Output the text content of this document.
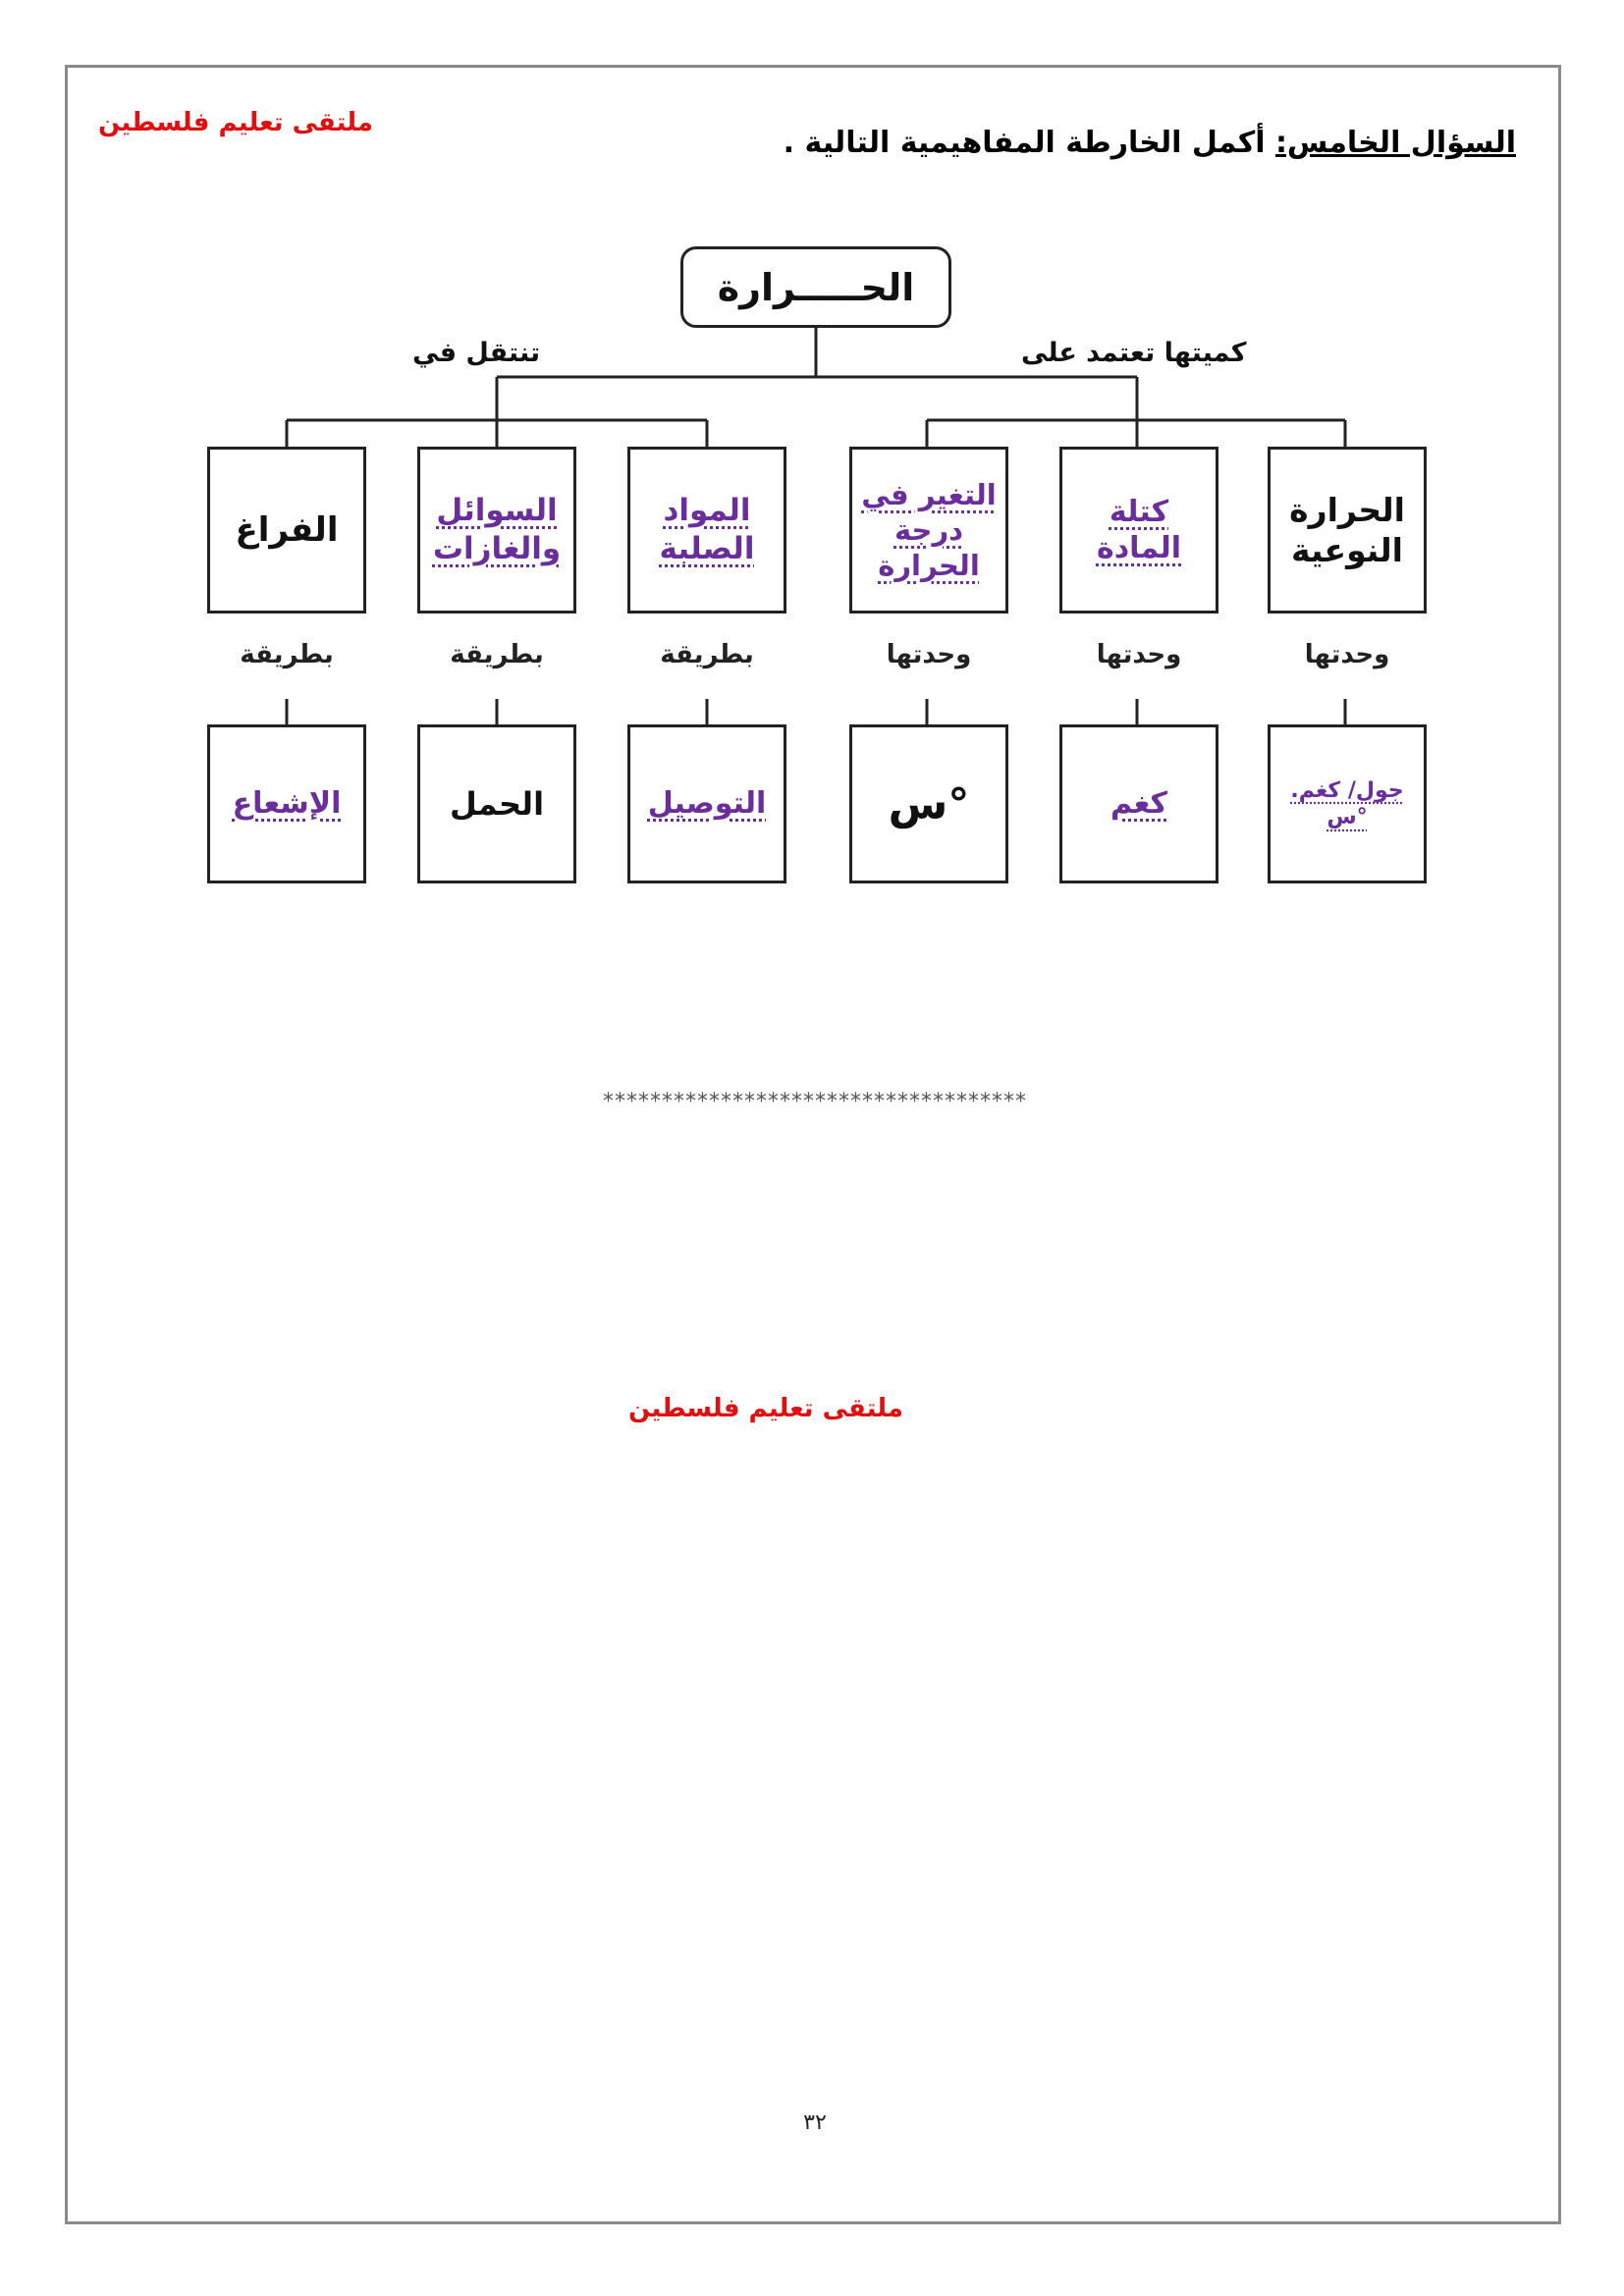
ملتقى تعليم فلسطين
السؤال الخامس: أكمل الخارطة المفاهيمية التالية .
الحـــــرارة
تنتقل في	كميتها تعتمد على
الفراغ	السوائل والغازات
المواد الصلبة
التغير في درجة الحرارة
كتلة المادة
الحرارة النوعية
بطريقة	بطريقة	بطريقة	وحدتها	وحدتها	وحدتها
الإشعاع	الحمل	التوصيل	°س	كغم	جول/ كغم.°س
************************************
ملتقى تعليم فلسطين
٣٢
